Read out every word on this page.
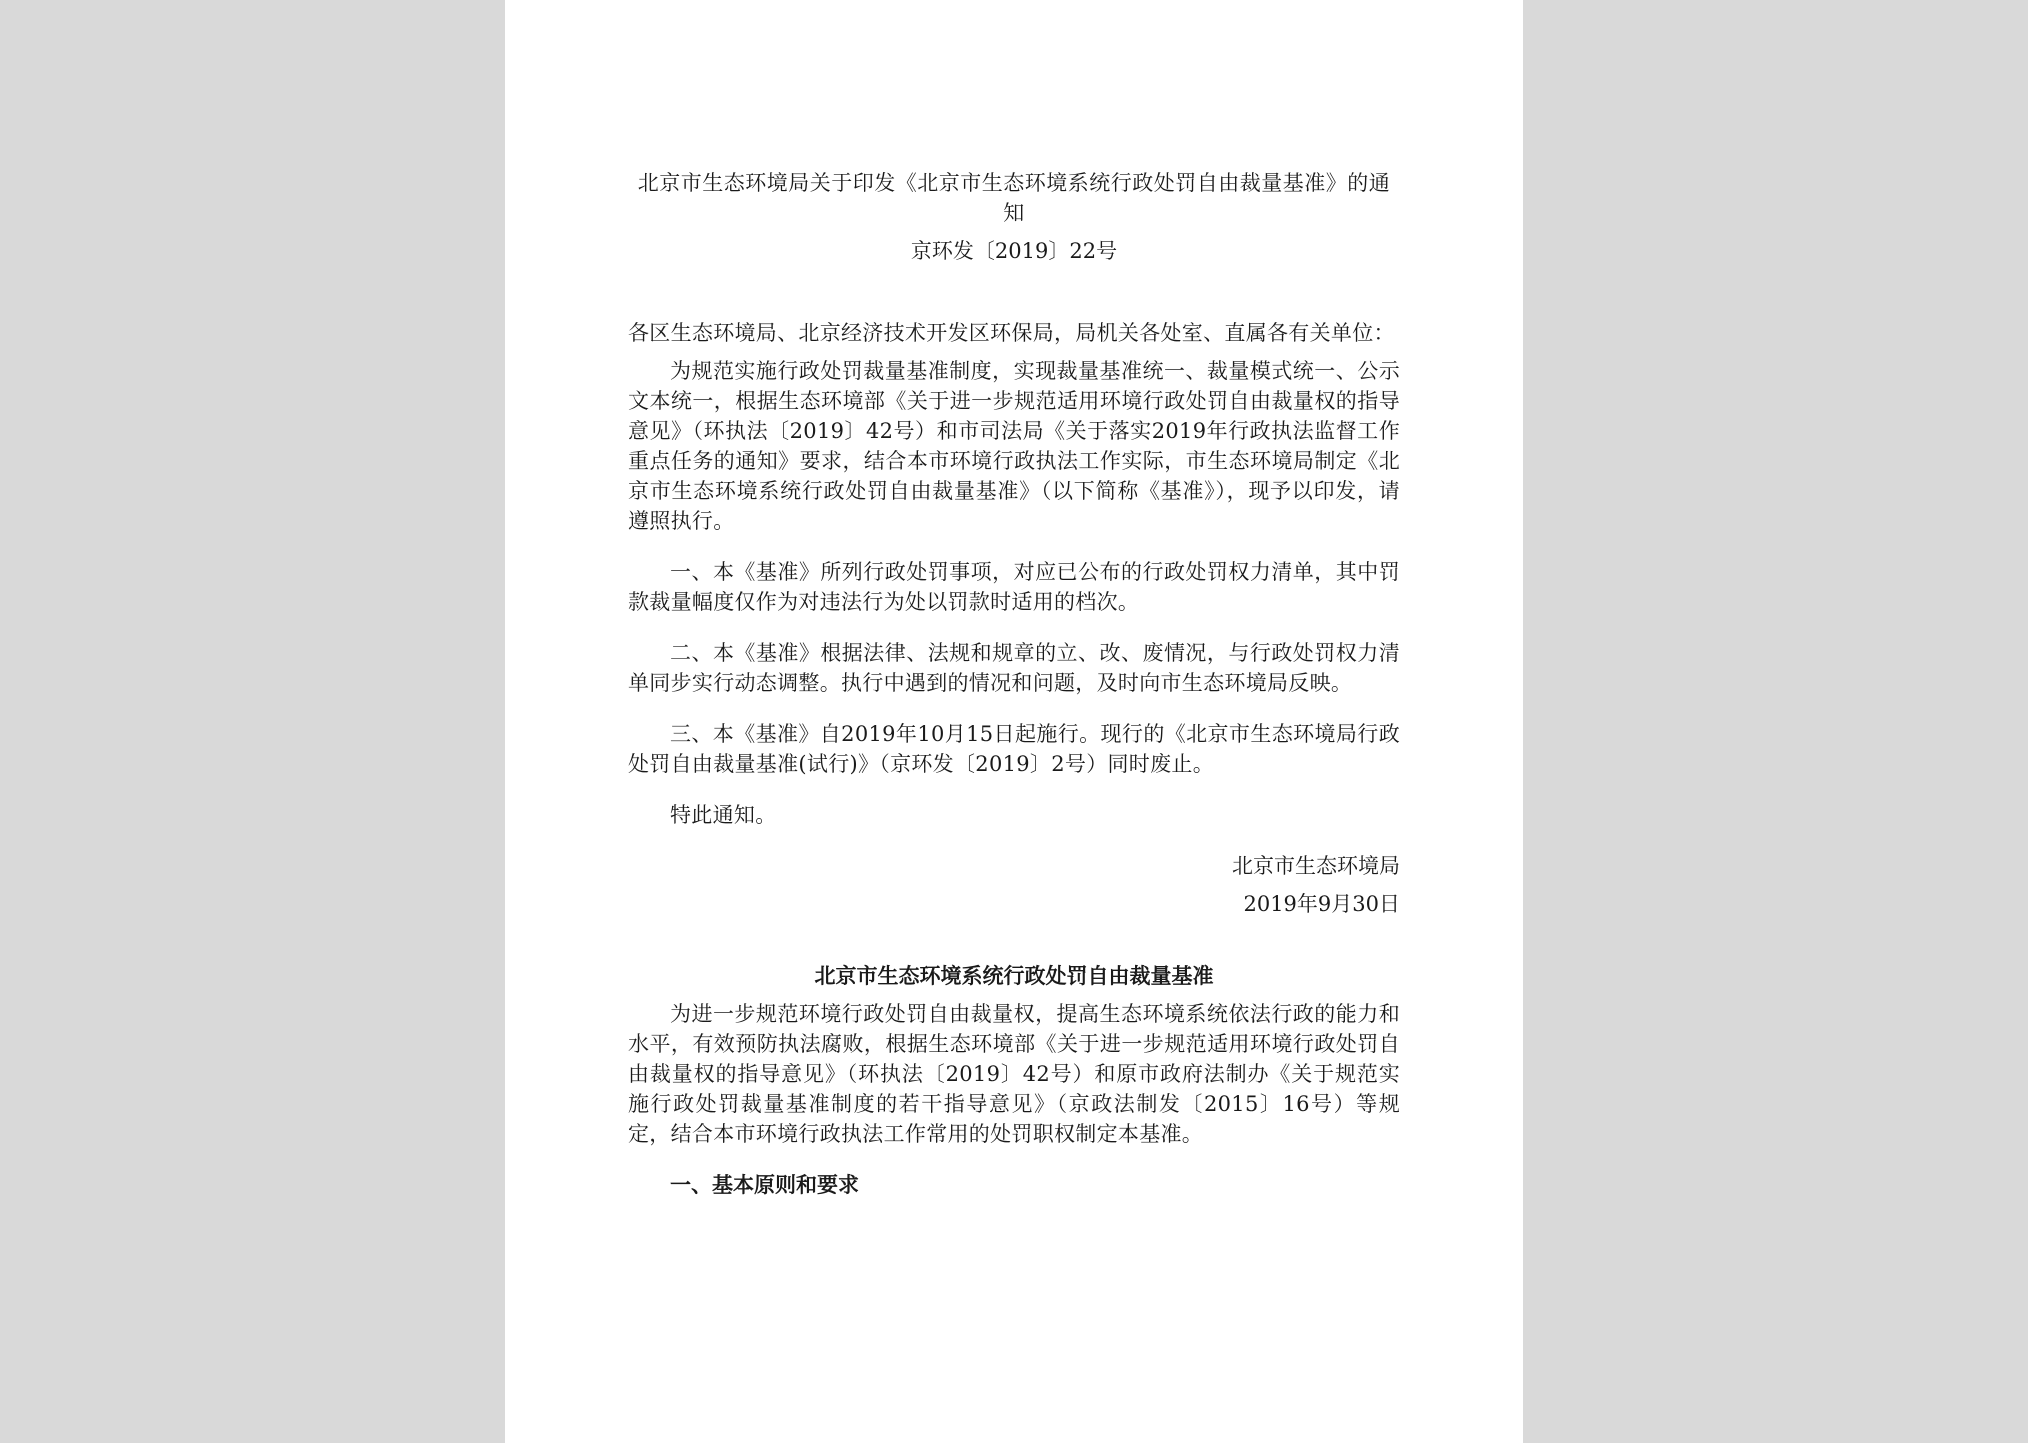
北京市生态环境局关于印发《北京市生态环境系统行政处罚自由裁量基准》的通知
京环发〔2019〕22号
各区生态环境局、北京经济技术开发区环保局，局机关各处室、直属各有关单位：

为规范实施行政处罚裁量基准制度，实现裁量基准统一、裁量模式统一、公示文本统一，根据生态环境部《关于进一步规范适用环境行政处罚自由裁量权的指导意见》（环执法〔2019〕42号）和市司法局《关于落实2019年行政执法监督工作重点任务的通知》要求，结合本市环境行政执法工作实际，市生态环境局制定《北京市生态环境系统行政处罚自由裁量基准》（以下简称《基准》），现予以印发，请遵照执行。

一、本《基准》所列行政处罚事项，对应已公布的行政处罚权力清单，其中罚款裁量幅度仅作为对违法行为处以罚款时适用的档次。

二、本《基准》根据法律、法规和规章的立、改、废情况，与行政处罚权力清单同步实行动态调整。执行中遇到的情况和问题，及时向市生态环境局反映。

三、本《基准》自2019年10月15日起施行。现行的《北京市生态环境局行政处罚自由裁量基准(试行)》（京环发〔2019〕2号）同时废止。

特此通知。

北京市生态环境局
2019年9月30日
北京市生态环境系统行政处罚自由裁量基准

为进一步规范环境行政处罚自由裁量权，提高生态环境系统依法行政的能力和水平，有效预防执法腐败，根据生态环境部《关于进一步规范适用环境行政处罚自由裁量权的指导意见》（环执法〔2019〕42号）和原市政府法制办《关于规范实施行政处罚裁量基准制度的若干指导意见》（京政法制发〔2015〕16号）等规定，结合本市环境行政执法工作常用的处罚职权制定本基准。

一、基本原则和要求
